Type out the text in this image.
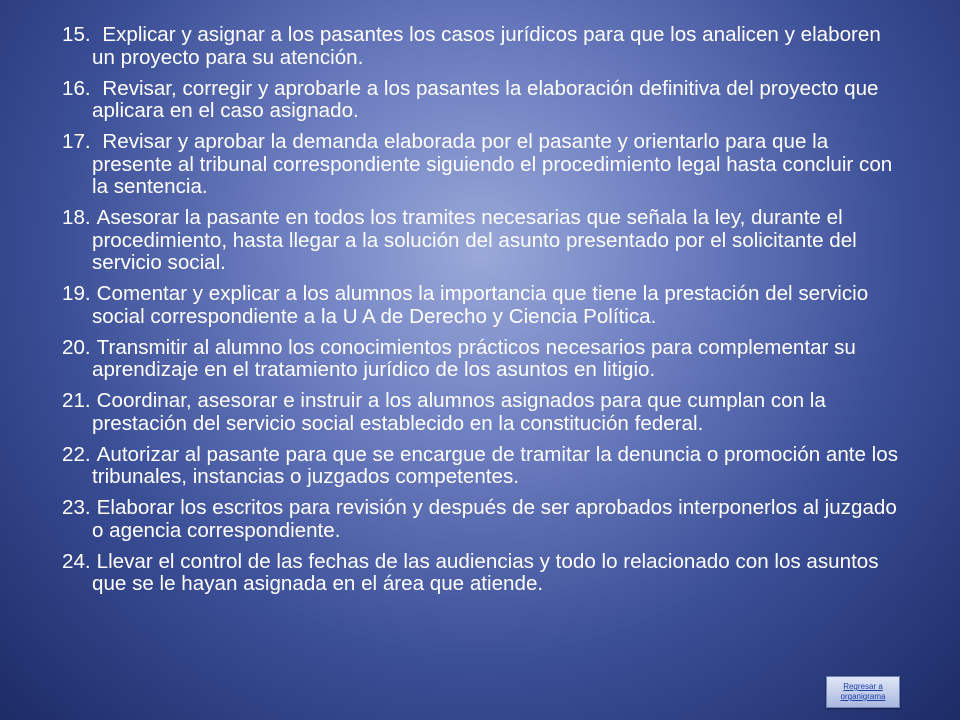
15. Explicar y asignar a los pasantes los casos jurídicos para que los analicen y elaboren un proyecto para su atención.
16. Revisar, corregir y aprobarle a los pasantes la elaboración definitiva del proyecto que aplicara en el caso asignado.
17. Revisar y aprobar la demanda elaborada por el pasante y orientarlo para que la presente al tribunal correspondiente siguiendo el procedimiento legal hasta concluir con la sentencia.
18. Asesorar la pasante en todos los tramites necesarias que señala la ley, durante el procedimiento, hasta llegar a la solución del asunto presentado por el solicitante del servicio social.
19. Comentar y explicar a los alumnos la importancia que tiene la prestación del servicio social correspondiente a la U A de Derecho y Ciencia Política.
20. Transmitir al alumno los conocimientos prácticos necesarios para complementar su aprendizaje en el tratamiento jurídico de los asuntos en litigio.
21. Coordinar, asesorar e instruir a los alumnos asignados para que cumplan con la prestación del servicio social establecido en la constitución federal.
22. Autorizar al pasante para que se encargue de tramitar la denuncia o promoción ante los tribunales, instancias o juzgados competentes.
23. Elaborar los escritos para revisión y después de ser aprobados interponerlos al juzgado o agencia correspondiente.
24. Llevar el control de las fechas de las audiencias y todo lo relacionado con los asuntos que se le hayan asignada en el área que atiende.
Regresar a organigrama
